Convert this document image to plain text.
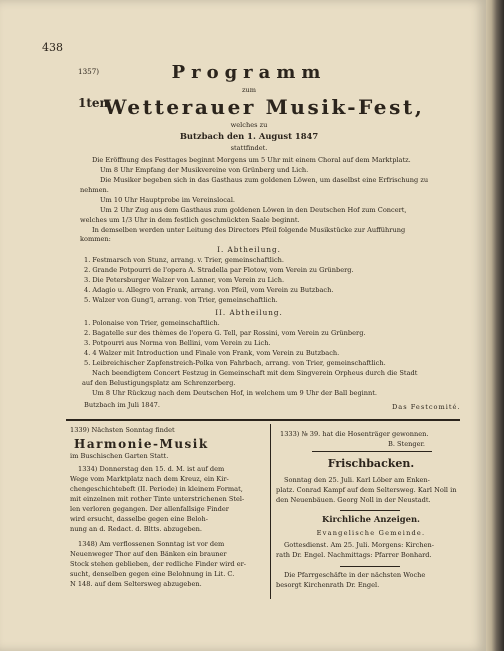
438
1357)	Programm
zum
1ten
Wetterauer Musik-Fest,
welches zu
Butzbach den 1. August 1847
stattfindet.
Die Eröffnung des Festtages beginnt Morgens um 5 Uhr mit einem Choral auf dem Marktplatz.
Um 8 Uhr Empfang der Musikvereine von Grünberg und Lich.
Die Musiker begeben sich in das Gasthaus zum goldenen Löwen, um daselbst eine Erfrischung zu
nehmen.
Um 10 Uhr Hauptprobe im Vereinslocal.
Um 2 Uhr Zug aus dem Gasthaus zum goldenen Löwen in den Deutschen Hof zum Concert,
welches um 1/3 Uhr in dem festlich geschmückten Saale beginnt.
In demselben werden unter Leitung des Directors Pfeil folgende Musikstücke zur Aufführung
kommen:
I. Abtheilung.
1. Festmarsch von Stunz, arrang. v. Trier, gemeinschaftlich.
2. Grande Potpourri de l'opera A. Stradella par Flotow, vom Verein zu Grünberg.
3. Die Petersburger Walzer von Lanner, vom Verein zu Lich.
4. Adagio u. Allegro von Frank, arrang. von Pfeil, vom Verein zu Butzbach.
5. Walzer von Gung'l, arrang. von Trier, gemeinschaftlich.
II. Abtheilung.
1. Polonaise von Trier, gemeinschaftlich.
2. Bagatelle sur des thèmes de l'opera G. Tell, par Rossini, vom Verein zu Grünberg.
3. Potpourri aus Norma von Bellini, vom Verein zu Lich.
4. 4 Walzer mit Introduction und Finale von Frank, vom Verein zu Butzbach.
5. Leibreichischer Zapfenstreich-Polka von Fahrbach, arrang. von Trier, gemeinschaftlich.
Nach beendigtem Concert Festzug in Gemeinschaft mit dem Singverein Orpheus durch die Stadt
auf den Belustigungsplatz am Schrenzerberg.
Um 8 Uhr Rückzug nach dem Deutschen Hof, in welchem um 9 Uhr der Ball beginnt.
Butzbach im Juli 1847.	Das Festcomité.
1339) Nächsten Sonntag findet
Harmonie-Musik
im Buschischen Garten Statt.
1334) Donnerstag den 15. d. M. ist auf dem
Wege vom Marktplatz nach dem Kreuz, ein Kir-
chengeschichtebeft (II. Periode) in kleinem Format,
mit einzelnen mit rother Tinte unterstrichenen Stel-
len verloren gegangen. Der allenfallsige Finder
wird ersucht, dasselbe gegen eine Beloh-
nung an d. Redact. d. Bltts. abzugeben.
1348) Am verflossenen Sonntag ist vor dem
Neuenweger Thor auf den Bänken ein brauner
Stock stehen geblieben, der redliche Finder wird er-
sucht, denselben gegen eine Belohnung in Lit. C.
N 148. auf dem Seltersweg abzugeben.
1333) № 39. hat die Hosenträger gewonnen.
B. Stenger.
Frischbacken.
Sonntag den 25. Juli. Karl Löber am Enken-
platz. Conrad Kampf auf dem Seltersweg. Karl Noll in
den Neuenbäuen. Georg Noll in der Neustadt.
Kirchliche Anzeigen.
Evangelische Gemeinde.
Gottesdienst. Am 25. Juli. Morgens: Kirchen-
rath Dr. Engel. Nachmittags: Pfarrer Bonhard.
Die Pfarrgeschäfte in der nächsten Woche
besorgt Kirchenrath Dr. Engel.
